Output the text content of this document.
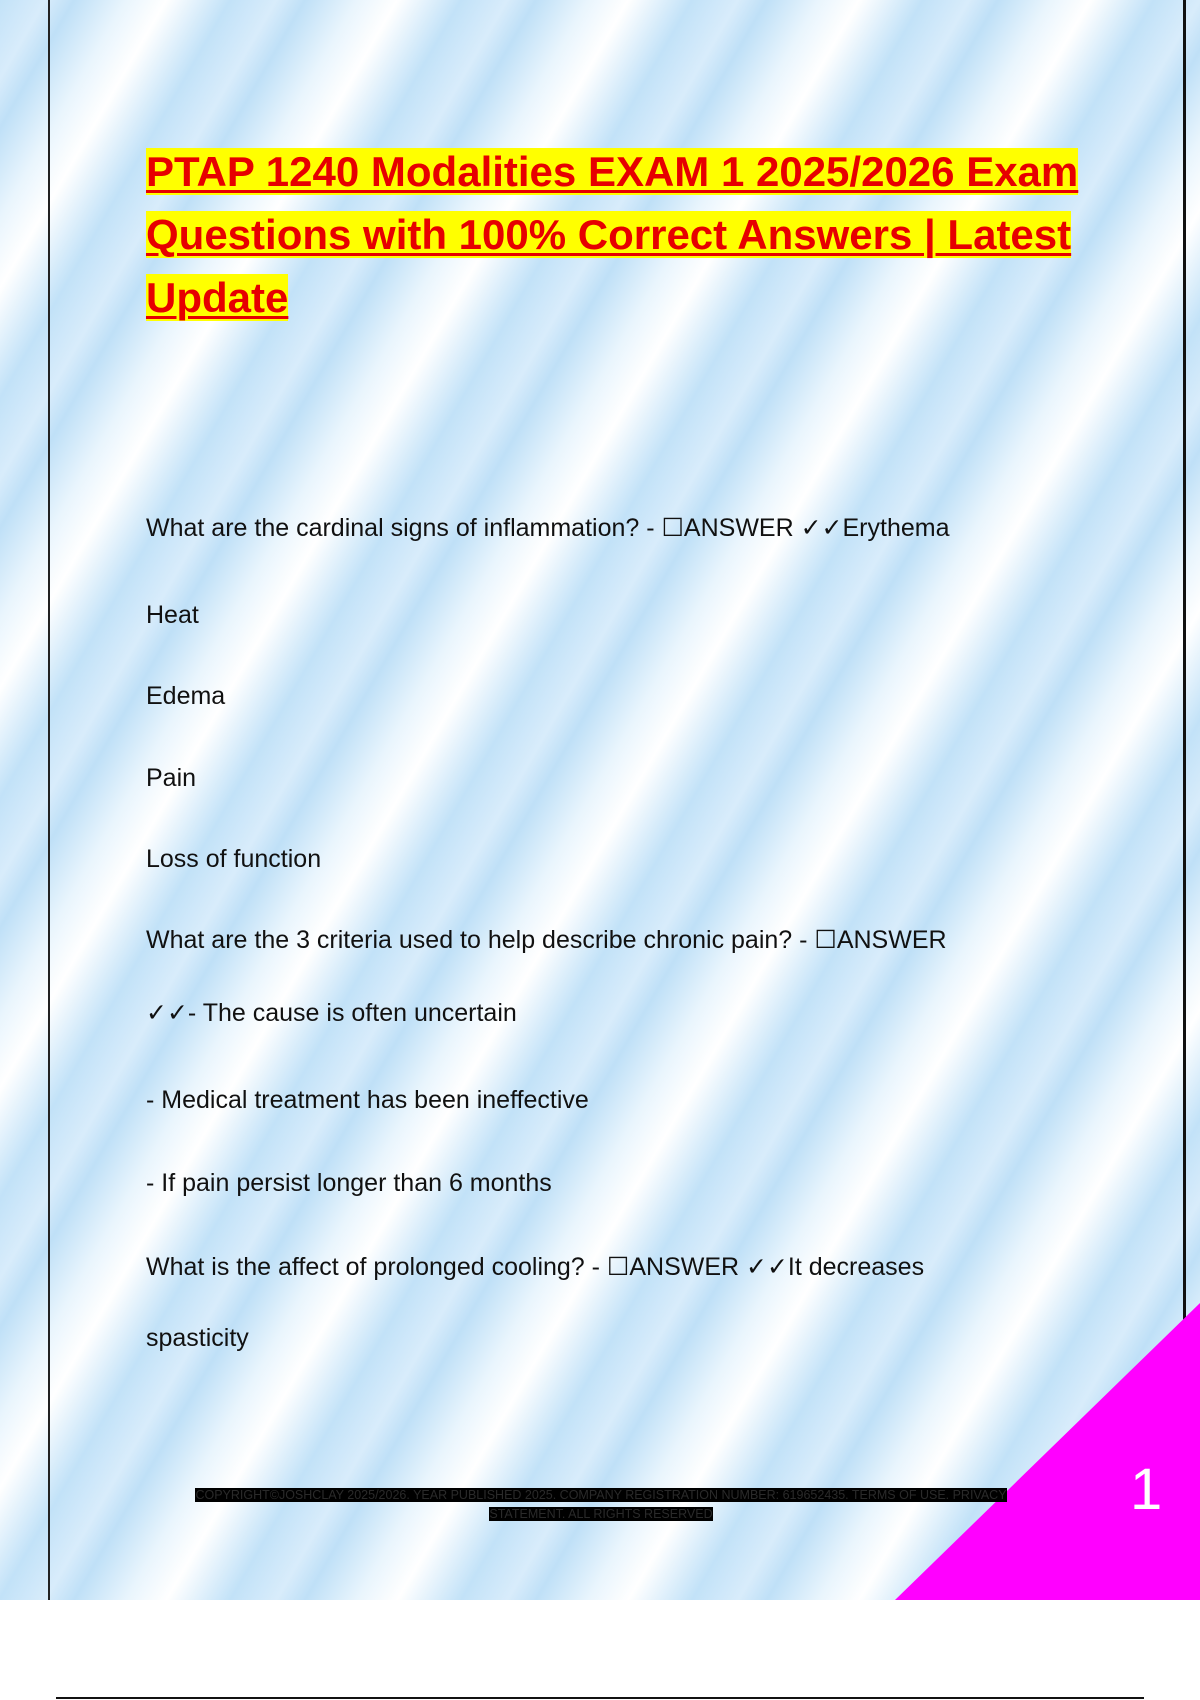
PTAP 1240 Modalities EXAM 1 2025/2026 Exam Questions with 100% Correct Answers | Latest Update
What are the cardinal signs of inflammation? - ☐ANSWER ✓✓Erythema
Heat
Edema
Pain
Loss of function
What are the 3 criteria used to help describe chronic pain? - ☐ANSWER
✓✓- The cause is often uncertain
- Medical treatment has been ineffective
- If pain persist longer than 6 months
What is the affect of prolonged cooling? - ☐ANSWER ✓✓It decreases
spasticity
COPYRIGHT©JOSHCLAY 2025/2026. YEAR PUBLISHED 2025. COMPANY REGISTRATION NUMBER: 619652435. TERMS OF USE. PRIVACY STATEMENT. ALL RIGHTS RESERVED	1
